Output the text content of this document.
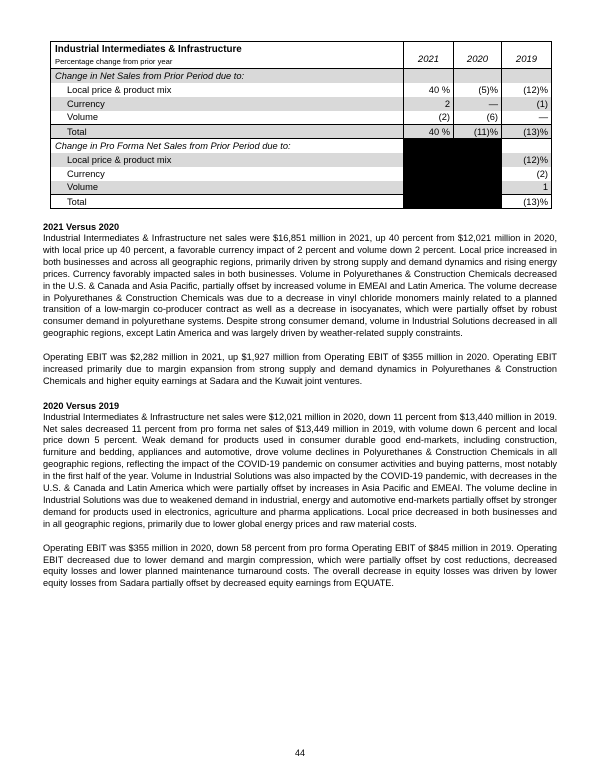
Industrial Intermediates & Infrastructure
Percentage change from prior year	2021	2020	2019
Change in Net Sales from Prior Period due to:			
Local price & product mix	40 %	(5)%	(12)%
Currency	2	—	(1)
Volume	(2)	(6)	—
Total	40 %	(11)%	(13)%
Change in Pro Forma Net Sales from Prior Period due to:			
Local price & product mix			(12)%
Currency			(2)
Volume			1
Total			(13)%
2021 Versus 2020

Industrial Intermediates & Infrastructure net sales were $16,851 million in 2021, up 40 percent from $12,021 million in 2020, with local price up 40 percent, a favorable currency impact of 2 percent and volume down 2 percent. Local price increased in both businesses and across all geographic regions, primarily driven by strong supply and demand dynamics and rising energy prices. Currency favorably impacted sales in both businesses. Volume in Polyurethanes & Construction Chemicals decreased in the U.S. & Canada and Asia Pacific, partially offset by increased volume in EMEAI and Latin America. The volume decrease in Polyurethanes & Construction Chemicals was due to a decrease in vinyl chloride monomers mainly related to a planned transition of a low-margin co-producer contract as well as a decrease in isocyanates, which were partially offset by robust consumer demand in polyurethane systems. Despite strong consumer demand, volume in Industrial Solutions decreased in all geographic regions, except Latin America and was largely driven by weather-related supply constraints.

Operating EBIT was $2,282 million in 2021, up $1,927 million from Operating EBIT of $355 million in 2020. Operating EBIT increased primarily due to margin expansion from strong supply and demand dynamics in Polyurethanes & Construction Chemicals and higher equity earnings at Sadara and the Kuwait joint ventures.

2020 Versus 2019

Industrial Intermediates & Infrastructure net sales were $12,021 million in 2020, down 11 percent from $13,440 million in 2019. Net sales decreased 11 percent from pro forma net sales of $13,449 million in 2019, with volume down 6 percent and local price down 5 percent. Weak demand for products used in consumer durable good end-markets, including construction, furniture and bedding, appliances and automotive, drove volume declines in Polyurethanes & Construction Chemicals in all geographic regions, reflecting the impact of the COVID-19 pandemic on consumer activities and buying patterns, most notably in the first half of the year. Volume in Industrial Solutions was also impacted by the COVID-19 pandemic, with decreases in the U.S. & Canada and Latin America which were partially offset by increases in Asia Pacific and EMEAI. The volume decline in Industrial Solutions was due to weakened demand in industrial, energy and automotive end-markets partially offset by stronger demand for products used in electronics, agriculture and pharma applications. Local price decreased in both businesses and in all geographic regions, primarily due to lower global energy prices and raw material costs.

Operating EBIT was $355 million in 2020, down 58 percent from pro forma Operating EBIT of $845 million in 2019. Operating EBIT decreased due to lower demand and margin compression, which were partially offset by cost reductions, decreased equity losses and lower planned maintenance turnaround costs. The overall decrease in equity losses was driven by lower equity losses from Sadara partially offset by decreased equity earnings from EQUATE.

44
